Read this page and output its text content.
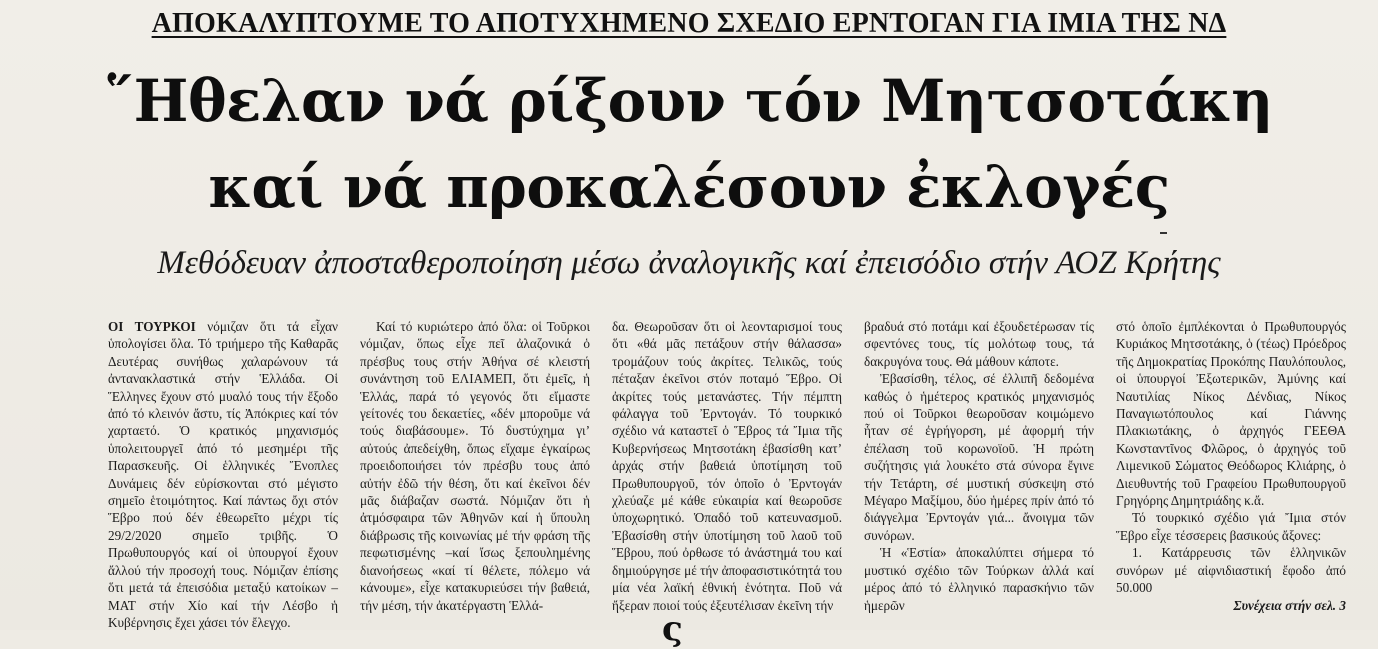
ΑΠΟΚΑΛΥΠΤΟΥΜΕ ΤΟ ΑΠΟΤΥΧΗΜΕΝΟ ΣΧΕΔΙΟ ΕΡΝΤΟΓΑΝ ΓΙΑ ΙΜΙΑ ΤΗΣ ΝΔ
῞Ηθελαν νά ρίξουν τόν Μητσοτάκη
καί νά προκαλέσουν ἐκλογές
Μεθόδευαν ἀποσταθεροποίηση μέσω ἀναλογικῆς καί ἐπεισόδιο στήν ΑΟΖ Κρήτης

ΟΙ ΤΟΥΡΚΟΙ νόμιζαν ὅτι τά εἶχαν ὑπολογίσει ὅλα. Τό τριήμερο τῆς Καθαρᾶς Δευτέρας συνήθως χαλαρώνουν τά ἀντανακλαστικά στήν Ἑλλάδα. Οἱ Ἕλληνες ἔχουν στό μυαλό τους τήν ἔξοδο ἀπό τό κλεινόν ἄστυ, τίς Ἀπόκριες καί τόν χαρταετό. Ὁ κρατικός μηχανισμός ὑπολειτουργεῖ ἀπό τό μεσημέρι τῆς Παρασκευῆς. Οἱ ἑλληνικές Ἔνοπλες Δυνάμεις δέν εὑρίσκονται στό μέγιστο σημεῖο ἑτοιμότητος. Καί πάντως ὄχι στόν Ἕβρο πού δέν ἐθεωρεῖτο μέχρι τίς 29/2/2020 σημεῖο τριβῆς. Ὁ Πρωθυπουργός καί οἱ ὑπουργοί ἔχουν ἄλλού τήν προσοχή τους. Νόμιζαν ἐπίσης ὅτι μετά τά ἐπεισόδια μεταξύ κατοίκων – ΜΑΤ στήν Χίο καί τήν Λέσβο ἡ Κυβέρνησις ἔχει χάσει τόν ἔλεγχο.

Καί τό κυριώτερο ἀπό ὅλα: οἱ Τοῦρκοι νόμιζαν, ὅπως εἶχε πεῖ ἀλαζονικά ὁ πρέσβυς τους στήν Ἀθήνα σέ κλειστή συνάντηση τοῦ ΕΛΙΑΜΕΠ, ὅτι ἐμεῖς, ἡ Ἑλλάς, παρά τό γεγονός ὅτι εἴμαστε γείτονές του δεκαετίες, «δέν μποροῦμε νά τούς διαβάσουμε». Τό δυστύχημα γι’ αὐτούς ἀπεδείχθη, ὅπως εἴχαμε ἐγκαίρως προειδοποιήσει τόν πρέσβυ τους ἀπό αὐτήν ἐδῶ τήν θέση, ὅτι καί ἐκεῖνοι δέν μᾶς διάβαζαν σωστά. Νόμιζαν ὅτι ἡ ἀτμόσφαιρα τῶν Ἀθηνῶν καί ἡ ὕπουλη διάβρωσις τῆς κοινωνίας μέ τήν φράση τῆς πεφωτισμένης –καί ἴσως ξεπουλημένης διανοήσεως «καί τί θέλετε, πόλεμο νά κάνουμε», εἶχε κατακυριεύσει τήν βαθειά, τήν μέση, τήν ἀκατέργαστη Ἑλλά-

δα. Θεωροῦσαν ὅτι οἱ λεονταρισμοί τους ὅτι «θά μᾶς πετάξουν στήν θάλασσα» τρομάζουν τούς ἀκρίτες. Τελικῶς, τούς πέταξαν ἐκεῖνοι στόν ποταμό Ἕβρο. Οἱ ἀκρίτες τούς μετανάστες. Τήν πέμπτη φάλαγγα τοῦ Ἐρντογάν. Τό τουρκικό σχέδιο νά καταστεῖ ὁ Ἕβρος τά Ἴμια τῆς Κυβερνήσεως Μητσοτάκη ἐβασίσθη κατ’ ἀρχάς στήν βαθειά ὑποτίμηση τοῦ Πρωθυπουργοῦ, τόν ὁποῖο ὁ Ἐρντογάν χλεύαζε μέ κάθε εὐκαιρία καί θεωροῦσε ὑποχωρητικό. Ὁπαδό τοῦ κατευνασμοῦ. Ἐβασίσθη στήν ὑποτίμηση τοῦ λαοῦ τοῦ Ἕβρου, πού ὀρθωσε τό ἀνάστημά του καί δημιούργησε μέ τήν ἀποφασιστικότητά του μία νέα λαϊκή ἐθνική ἑνότητα. Ποῦ νά ἤξεραν ποιοί τούς ἐξευτέλισαν ἐκεῖνη τήν

βραδυά στό ποτάμι καί ἐξουδετέρωσαν τίς σφεντόνες τους, τίς μολότωφ τους, τά δακρυγόνα τους. Θά μάθουν κάποτε.

Ἐβασίσθη, τέλος, σέ ἐλλιπῆ δεδομένα καθώς ὁ ἡμέτερος κρατικός μηχανισμός πού οἱ Τοῦρκοι θεωροῦσαν κοιμώμενο ἦταν σέ ἐγρήγορση, μέ ἀφορμή τήν ἐπέλαση τοῦ κορωνοϊοῦ. Ἡ πρώτη συζήτησις γιά λουκέτο στά σύνορα ἔγινε τήν Τετάρτη, σέ μυστική σύσκεψη στό Μέγαρο Μαξίμου, δύο ἡμέρες πρίν ἀπό τό διάγγελμα Ἐρντογάν γιά... ἄνοιγμα τῶν συνόρων.

Ἡ «Ἑστία» ἀποκαλύπτει σήμερα τό μυστικό σχέδιο τῶν Τούρκων ἀλλά καί μέρος ἀπό τό ἑλληνικό παρασκήνιο τῶν ἡμερῶν

στό ὁποῖο ἐμπλέκονται ὁ Πρωθυπουργός Κυριάκος Μητσοτάκης, ὁ (τέως) Πρόεδρος τῆς Δημοκρατίας Προκόπης Παυλόπουλος, οἱ ὑπουργοί Ἐξωτερικῶν, Ἀμύνης καί Ναυτιλίας Νίκος Δένδιας, Νίκος Παναγιωτόπουλος καί Γιάννης Πλακιωτάκης, ὁ ἀρχηγός ΓΕΕΘΑ Κωνσταντῖνος Φλῶρος, ὁ ἀρχηγός τοῦ Λιμενικοῦ Σώματος Θεόδωρος Κλιάρης, ὁ Διευθυντής τοῦ Γραφείου Πρωθυπουργοῦ Γρηγόρης Δημητριάδης κ.ἄ.

Τό τουρκικό σχέδιο γιά Ἴμια στόν Ἕβρο εἶχε τέσσερεις βασικούς ἄξονες:

1. Κατάρρευσις τῶν ἑλληνικῶν συνόρων μέ αἰφνιδιαστική ἔφοδο ἀπό 50.000

Συνέχεια στήν σελ. 3

ς
